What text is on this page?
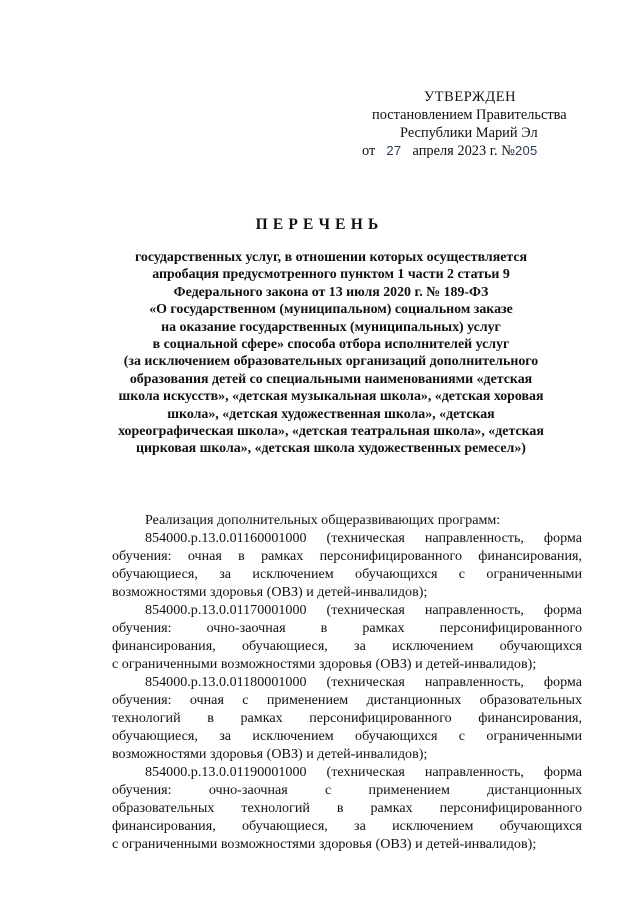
УТВЕРЖДЕН
постановлением Правительства
Республики Марий Эл
от 27 апреля 2023 г. №205
ПЕРЕЧЕНЬ
государственных услуг, в отношении которых осуществляется
апробация предусмотренного пунктом 1 части 2 статьи 9
Федерального закона от 13 июля 2020 г. № 189-ФЗ
«О государственном (муниципальном) социальном заказе
на оказание государственных (муниципальных) услуг
в социальной сфере» способа отбора исполнителей услуг
(за исключением образовательных организаций дополнительного
образования детей со специальными наименованиями «детская
школа искусств», «детская музыкальная школа», «детская хоровая
школа», «детская художественная школа», «детская
хореографическая школа», «детская театральная школа», «детская
цирковая школа», «детская школа художественных ремесел»)
Реализация дополнительных общеразвивающих программ:
854000.р.13.0.01160001000 (техническая направленность, форма
обучения: очная в рамках персонифицированного финансирования,
обучающиеся, за исключением обучающихся с ограниченными
возможностями здоровья (ОВЗ) и детей-инвалидов);
854000.р.13.0.01170001000 (техническая направленность, форма
обучения: очно-заочная в рамках персонифицированного
финансирования, обучающиеся, за исключением обучающихся
с ограниченными возможностями здоровья (ОВЗ) и детей-инвалидов);
854000.р.13.0.01180001000 (техническая направленность, форма
обучения: очная с применением дистанционных образовательных
технологий в рамках персонифицированного финансирования,
обучающиеся, за исключением обучающихся с ограниченными
возможностями здоровья (ОВЗ) и детей-инвалидов);
854000.р.13.0.01190001000 (техническая направленность, форма
обучения: очно-заочная с применением дистанционных
образовательных технологий в рамках персонифицированного
финансирования, обучающиеся, за исключением обучающихся
с ограниченными возможностями здоровья (ОВЗ) и детей-инвалидов);
